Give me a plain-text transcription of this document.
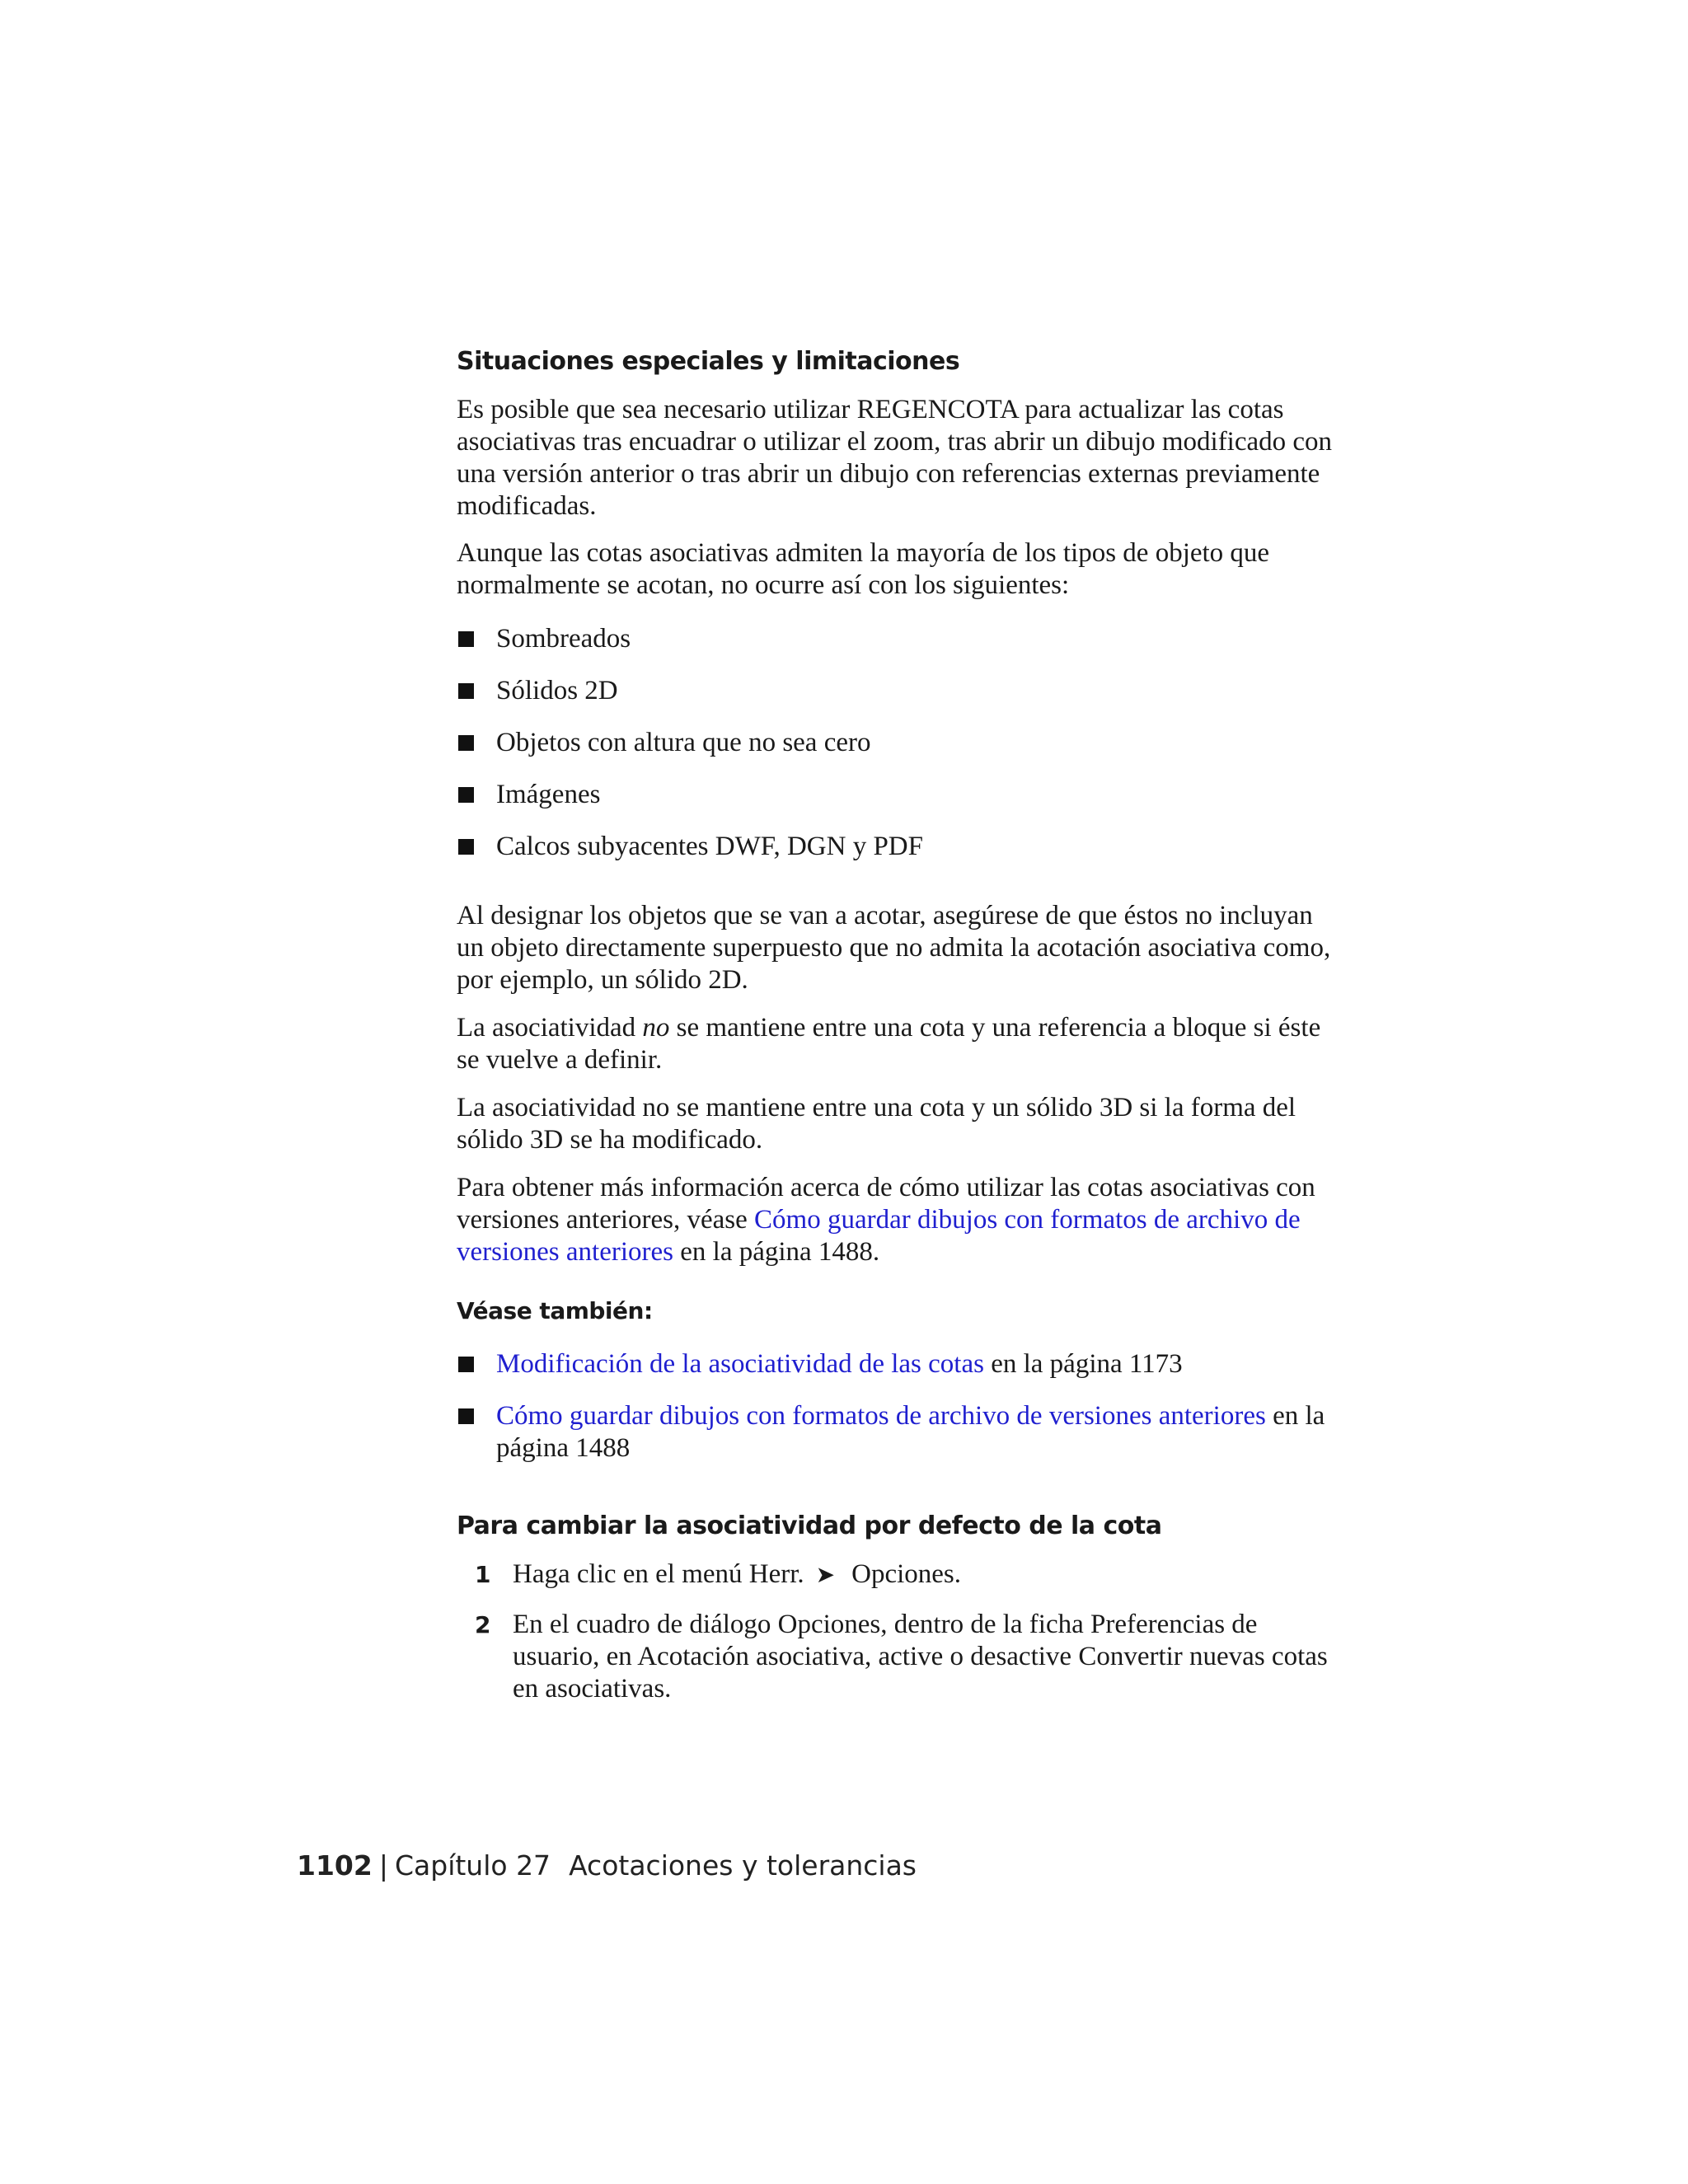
Situaciones especiales y limitaciones

Es posible que sea necesario utilizar REGENCOTA para actualizar las cotas asociativas tras encuadrar o utilizar el zoom, tras abrir un dibujo modificado con una versión anterior o tras abrir un dibujo con referencias externas previamente modificadas.

Aunque las cotas asociativas admiten la mayoría de los tipos de objeto que normalmente se acotan, no ocurre así con los siguientes:

Sombreados

Sólidos 2D

Objetos con altura que no sea cero

Imágenes

Calcos subyacentes DWF, DGN y PDF

Al designar los objetos que se van a acotar, asegúrese de que éstos no incluyan un objeto directamente superpuesto que no admita la acotación asociativa como, por ejemplo, un sólido 2D.

La asociatividad no se mantiene entre una cota y una referencia a bloque si éste se vuelve a definir.

La asociatividad no se mantiene entre una cota y un sólido 3D si la forma del sólido 3D se ha modificado.

Para obtener más información acerca de cómo utilizar las cotas asociativas con versiones anteriores, véase Cómo guardar dibujos con formatos de archivo de versiones anteriores en la página 1488.

Véase también:

Modificación de la asociatividad de las cotas en la página 1173

Cómo guardar dibujos con formatos de archivo de versiones anteriores en la página 1488

Para cambiar la asociatividad por defecto de la cota
1 Haga clic en el menú Herr. ➤ Opciones.

2 En el cuadro de diálogo Opciones, dentro de la ficha Preferencias de usuario, en Acotación asociativa, active o desactive Convertir nuevas cotas en asociativas.

1102 | Capítulo 27 Acotaciones y tolerancias
